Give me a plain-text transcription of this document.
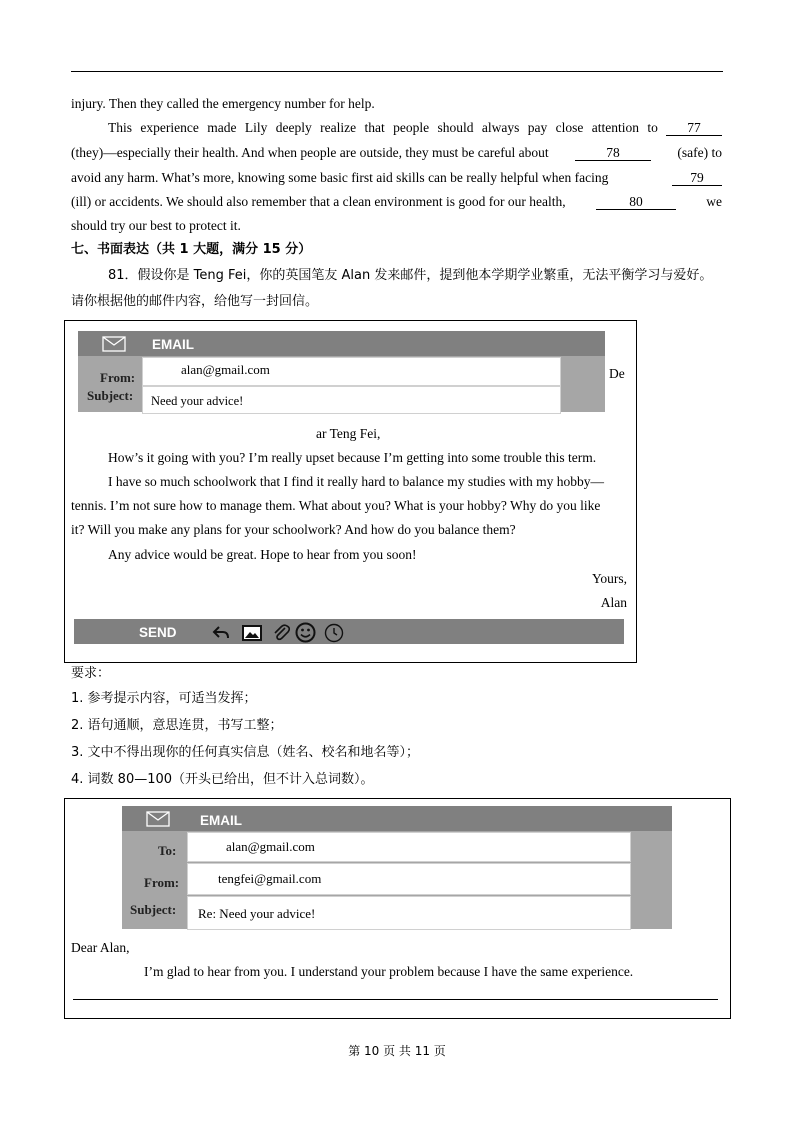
injury. Then they called the emergency number for help.
This experience made Lily deeply realize that people should always pay close attention to	77
(they)—especially their health. And when people are outside, they must be careful about	78	(safe) to
avoid any harm. What’s more, knowing some basic first aid skills can be really helpful when facing	79
(ill) or accidents. We should also remember that a clean environment is good for our health,	80	we
should try our best to protect it.
七、书面表达（共 1 大题，满分 15 分）
81．假设你是 Teng Fei，你的英国笔友 Alan 发来邮件，提到他本学期学业繁重，无法平衡学习与爱好。
请你根据他的邮件内容，给他写一封回信。
EMAIL
From:
alan@gmail.com
Subject: Need your advice!
De
ar Teng Fei,
How’s it going with you? I’m really upset because I’m getting into some trouble this term.
I have so much schoolwork that I find it really hard to balance my studies with my hobby—
tennis. I’m not sure how to manage them. What about you? What is your hobby? Why do you like
it? Will you make any plans for your schoolwork? And how do you balance them?
Any advice would be great. Hope to hear from you soon!
Yours,
Alan
SEND
要求：
1. 参考提示内容，可适当发挥；
2. 语句通顺，意思连贯，书写工整；
3. 文中不得出现你的任何真实信息（姓名、校名和地名等）；
4. 词数 80—100（开头已给出，但不计入总词数）。
EMAIL
To:	alan@gmail.com
From:	tengfei@gmail.com
Subject: Re: Need your advice!
Dear Alan,
I’m glad to hear from you. I understand your problem because I have the same experience.
第 10 页 共 11 页
